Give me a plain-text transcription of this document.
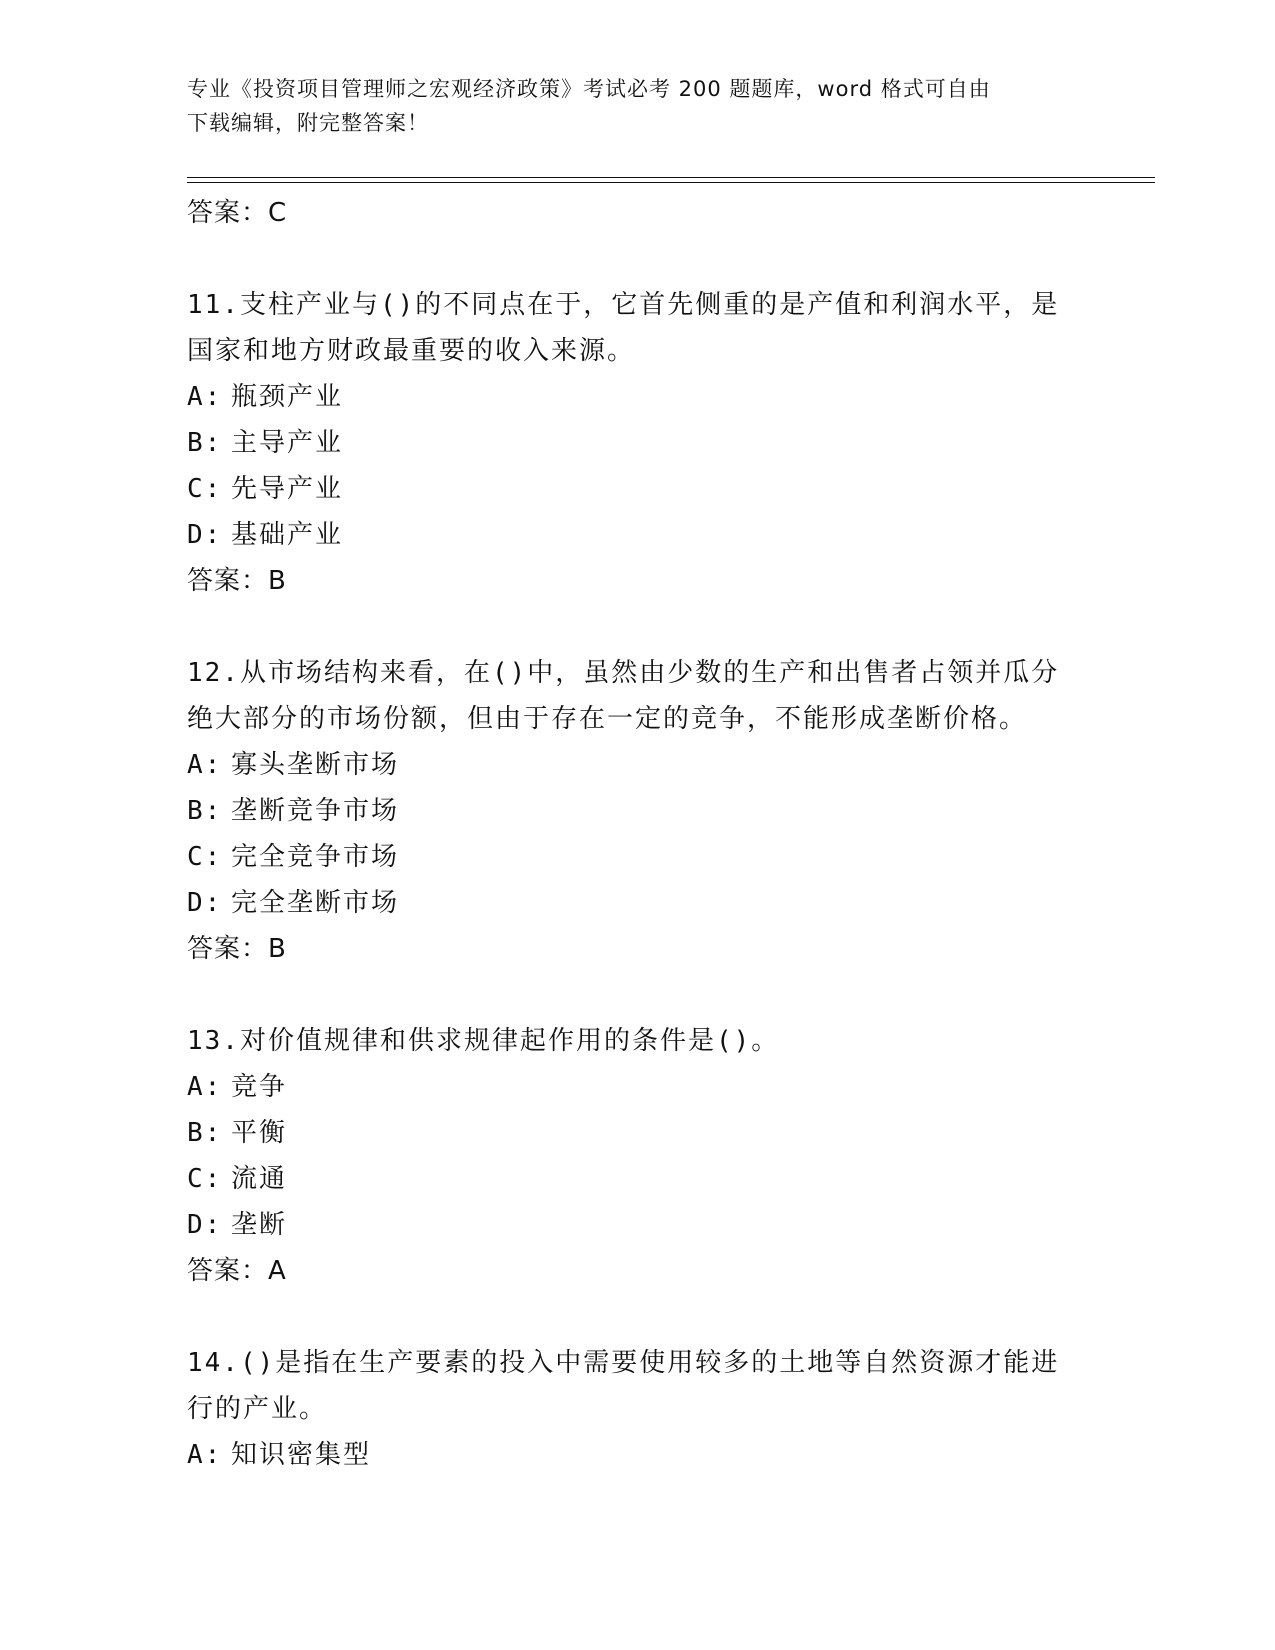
专业《投资项目管理师之宏观经济政策》考试必考 200 题题库，word 格式可自由
下载编辑，附完整答案！
答案：C
11.支柱产业与()的不同点在于，它首先侧重的是产值和利润水平，是
国家和地方财政最重要的收入来源。
A: 瓶颈产业
B: 主导产业
C: 先导产业
D: 基础产业
答案：B
12.从市场结构来看，在()中，虽然由少数的生产和出售者占领并瓜分
绝大部分的市场份额，但由于存在一定的竞争，不能形成垄断价格。
A: 寡头垄断市场
B: 垄断竞争市场
C: 完全竞争市场
D: 完全垄断市场
答案：B
13.对价值规律和供求规律起作用的条件是()。
A: 竞争
B: 平衡
C: 流通
D: 垄断
答案：A
14.()是指在生产要素的投入中需要使用较多的土地等自然资源才能进
行的产业。
A: 知识密集型
